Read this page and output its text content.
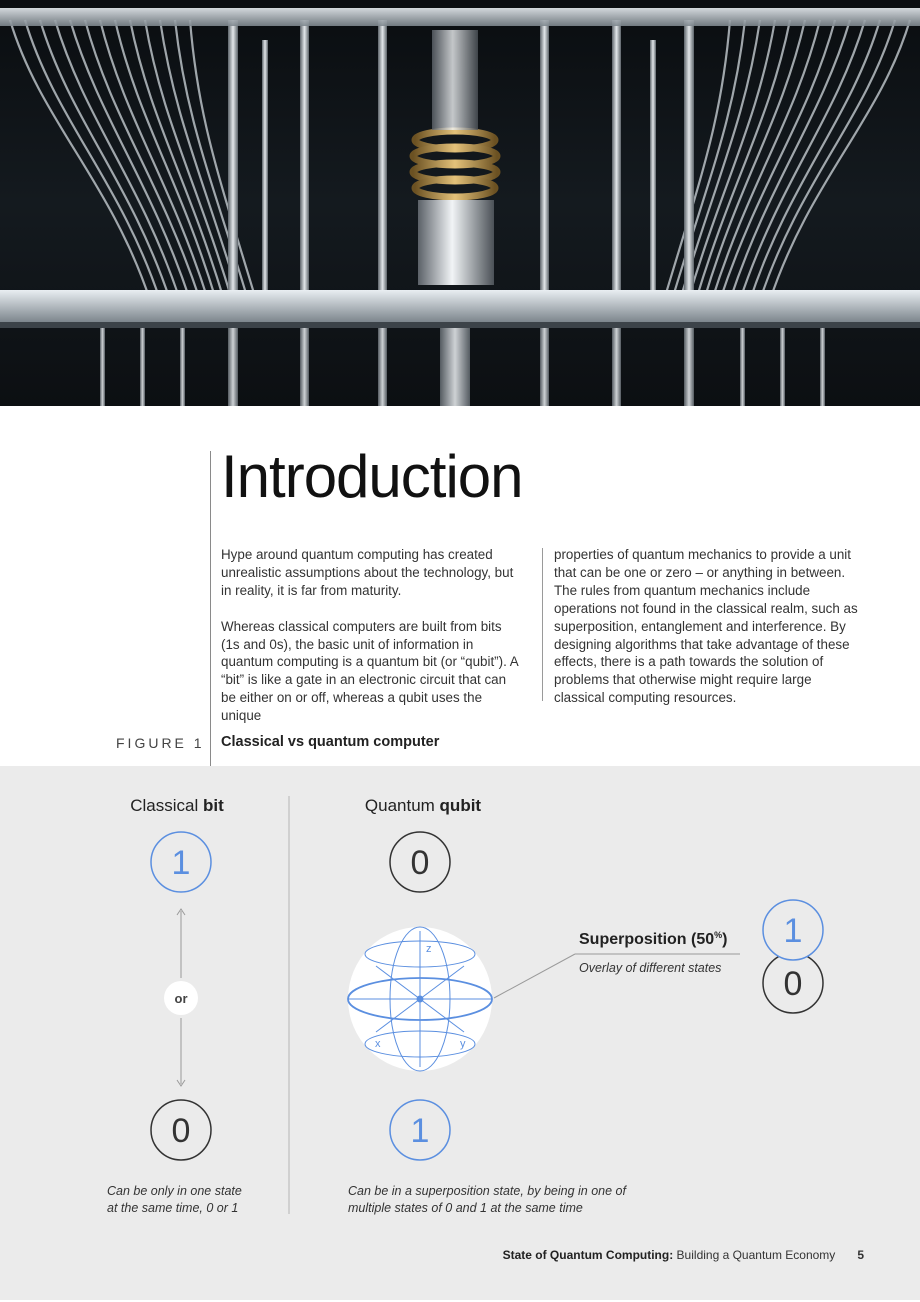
Introduction

Hype around quantum computing has created unrealistic assumptions about the technology, but in reality, it is far from maturity.

Whereas classical computers are built from bits (1s and 0s), the basic unit of information in quantum computing is a quantum bit (or “qubit”). A “bit” is like a gate in an electronic circuit that can be either on or off, whereas a qubit uses the unique

properties of quantum mechanics to provide a unit that can be one or zero – or anything in between. The rules from quantum mechanics include operations not found in the classical realm, such as superposition, entanglement and interference. By designing algorithms that take advantage of these effects, there is a path towards the solution of problems that otherwise might require large classical computing resources.

FIGURE 1 Classical vs quantum computer
Classical bit
1
or
0
Can be only in one state
at the same time, 0 or 1
Quantum qubit
0
z
x	y
Superposition (50%)
Overlay of different states 0
1
1
Can be in a superposition state, by being in one of
multiple states of 0 and 1 at the same time
State of Quantum Computing: Building a Quantum Economy 5
